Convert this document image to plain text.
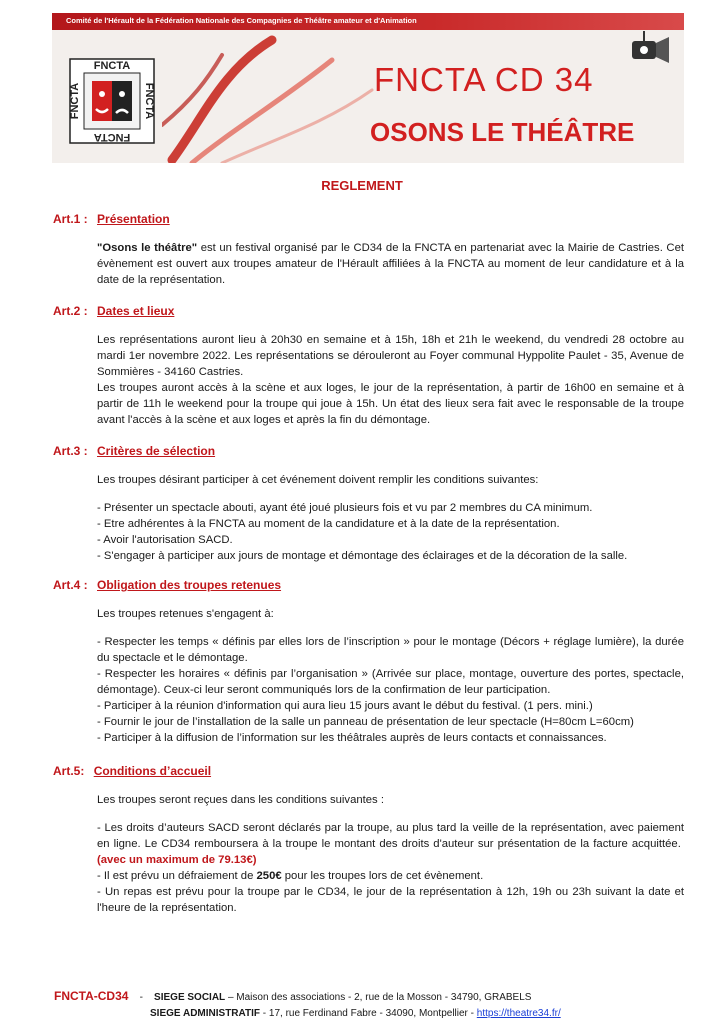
Comité de l'Hérault de la Fédération Nationale des Compagnies de Théâtre amateur et d'Animation
FNCTA
FNCTA
FNCTA	FNCTA
FNCTA CD 34
OSONS LE THÉÂTRE
REGLEMENT
Art.1 : Présentation

"Osons le théâtre" est un festival organisé par le CD34 de la FNCTA en partenariat avec la Mairie de Castries. Cet évènement est ouvert aux troupes amateur de l'Hérault affiliées à la FNCTA au moment de leur candidature et à la date de la représentation.

Art.2 : Dates et lieux

Les représentations auront lieu à 20h30 en semaine et à 15h, 18h et 21h le weekend, du vendredi 28 octobre au mardi 1er novembre 2022. Les représentations se dérouleront au Foyer communal Hyppolite Paulet - 35, Avenue de Sommières - 34160 Castries.

Les troupes auront accès à la scène et aux loges, le jour de la représentation, à partir de 16h00 en semaine et à partir de 11h le weekend pour la troupe qui joue à 15h. Un état des lieux sera fait avec le responsable de la troupe avant l'accès à la scène et aux loges et après la fin du démontage.

Art.3 : Critères de sélection
Les troupes désirant participer à cet événement doivent remplir les conditions suivantes:

- Présenter un spectacle abouti, ayant été joué plusieurs fois et vu par 2 membres du CA minimum.

- Etre adhérentes à la FNCTA au moment de la candidature et à la date de la représentation.

- Avoir l'autorisation SACD.

- S'engager à participer aux jours de montage et démontage des éclairages et de la décoration de la salle.

Art.4 : Obligation des troupes retenues
Les troupes retenues s'engagent à:

- Respecter les temps « définis par elles lors de l’inscription » pour le montage (Décors + réglage lumière), la durée du spectacle et le démontage.

- Respecter les horaires « définis par l’organisation » (Arrivée sur place, montage, ouverture des portes, spectacle, démontage). Ceux-ci leur seront communiqués lors de la confirmation de leur participation.

- Participer à la réunion d'information qui aura lieu 15 jours avant le début du festival. (1 pers. mini.)

- Fournir le jour de l’installation de la salle un panneau de présentation de leur spectacle (H=80cm L=60cm)

- Participer à la diffusion de l’information sur les théâtrales auprès de leurs contacts et connaissances.

Art.5: Conditions d’accueil
Les troupes seront reçues dans les conditions suivantes :

- Les droits d’auteurs SACD seront déclarés par la troupe, au plus tard la veille de la représentation, avec paiement en ligne. Le CD34 remboursera à la troupe le montant des droits d'auteur sur présentation de la facture acquittée.  (avec un maximum de 79.13€)

- Il est prévu un défraiement de 250€ pour les troupes lors de cet évènement.

- Un repas est prévu pour la troupe par le CD34, le jour de la représentation à 12h, 19h ou 23h suivant la date et l'heure de la représentation.

FNCTA-CD34 - SIEGE SOCIAL – Maison des associations - 2, rue de la Mosson - 34790, GRABELS
SIEGE ADMINISTRATIF - 17, rue Ferdinand Fabre - 34090, Montpellier - https://theatre34.fr/
